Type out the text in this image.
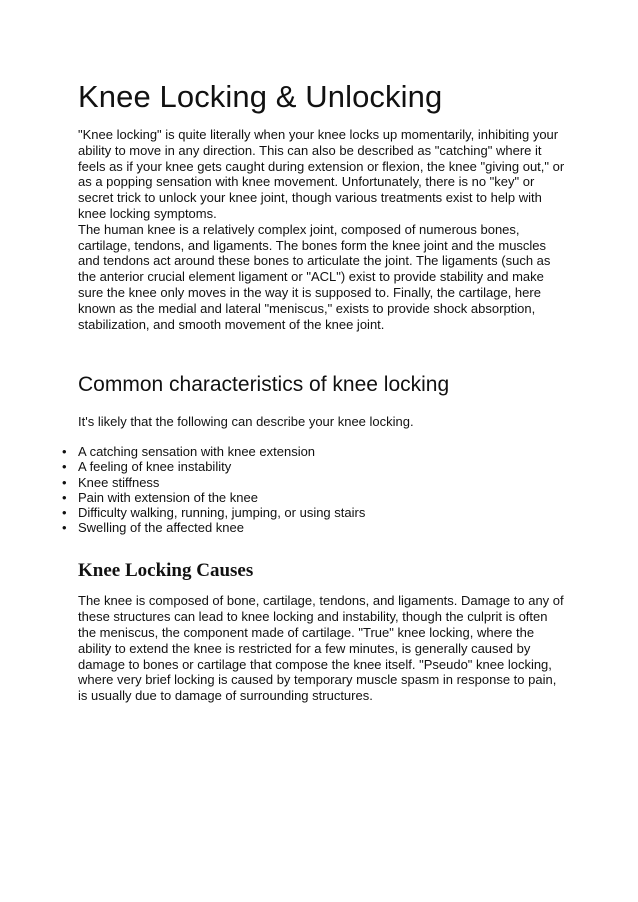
Knee Locking & Unlocking

"Knee locking" is quite literally when your knee locks up momentarily, inhibiting your ability to move in any direction. This can also be described as "catching" where it feels as if your knee gets caught during extension or flexion, the knee "giving out," or as a popping sensation with knee movement. Unfortunately, there is no "key" or secret trick to unlock your knee joint, though various treatments exist to help with knee locking symptoms.

The human knee is a relatively complex joint, composed of numerous bones, cartilage, tendons, and ligaments. The bones form the knee joint and the muscles and tendons act around these bones to articulate the joint. The ligaments (such as the anterior crucial element ligament or "ACL") exist to provide stability and make sure the knee only moves in the way it is supposed to. Finally, the cartilage, here known as the medial and lateral "meniscus," exists to provide shock absorption, stabilization, and smooth movement of the knee joint.

Common characteristics of knee locking

It's likely that the following can describe your knee locking.

• A catching sensation with knee extension
• A feeling of knee instability
• Knee stiffness
• Pain with extension of the knee
• Difficulty walking, running, jumping, or using stairs
• Swelling of the affected knee
Knee Locking Causes

The knee is composed of bone, cartilage, tendons, and ligaments. Damage to any of these structures can lead to knee locking and instability, though the culprit is often the meniscus, the component made of cartilage. "True" knee locking, where the ability to extend the knee is restricted for a few minutes, is generally caused by damage to bones or cartilage that compose the knee itself. "Pseudo" knee locking, where very brief locking is caused by temporary muscle spasm in response to pain, is usually due to damage of surrounding structures.
